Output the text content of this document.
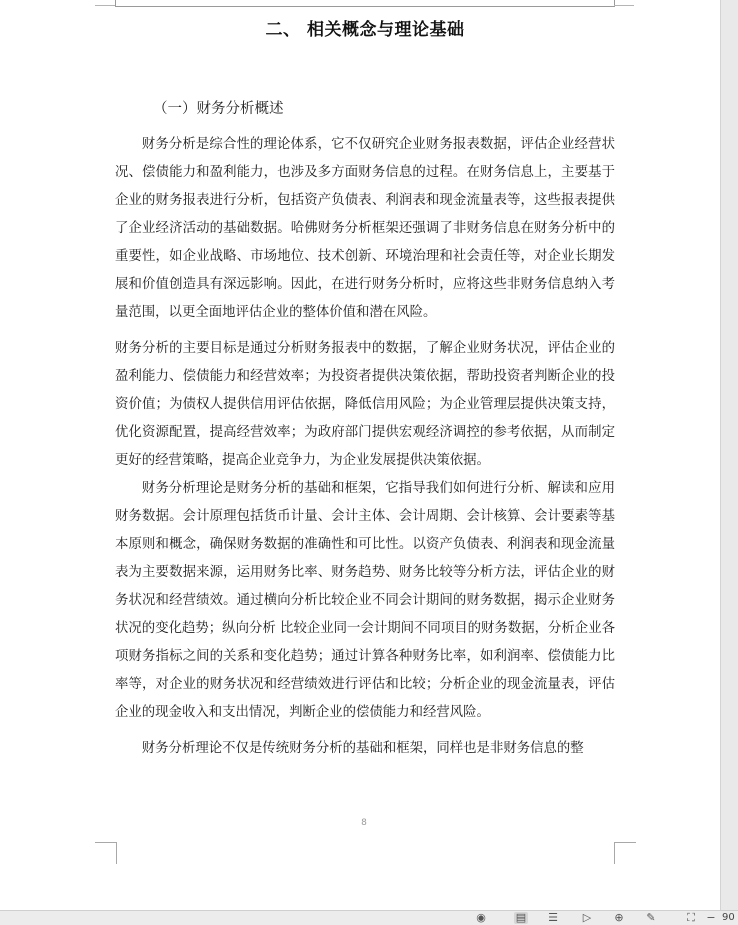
二、 相关概念与理论基础
（一）财务分析概述

财务分析是综合性的理论体系，它不仅研究企业财务报表数据，评估企业经营状况、偿债能力和盈利能力，也涉及多方面财务信息的过程。在财务信息上，主要基于企业的财务报表进行分析，包括资产负债表、利润表和现金流量表等，这些报表提供了企业经济活动的基础数据。哈佛财务分析框架还强调了非财务信息在财务分析中的重要性，如企业战略、市场地位、技术创新、环境治理和社会责任等，对企业长期发展和价值创造具有深远影响。因此，在进行财务分析时，应将这些非财务信息纳入考量范围，以更全面地评估企业的整体价值和潜在风险。

财务分析的主要目标是通过分析财务报表中的数据，了解企业财务状况，评估企业的盈利能力、偿债能力和经营效率；为投资者提供决策依据，帮助投资者判断企业的投资价值；为债权人提供信用评估依据，降低信用风险；为企业管理层提供决策支持，优化资源配置，提高经营效率；为政府部门提供宏观经济调控的参考依据，从而制定更好的经营策略，提高企业竞争力，为企业发展提供决策依据。

财务分析理论是财务分析的基础和框架，它指导我们如何进行分析、解读和应用财务数据。会计原理包括货币计量、会计主体、会计周期、会计核算、会计要素等基本原则和概念，确保财务数据的准确性和可比性。以资产负债表、利润表和现金流量表为主要数据来源，运用财务比率、财务趋势、财务比较等分析方法，评估企业的财务状况和经营绩效。通过横向分析比较企业不同会计期间的财务数据，揭示企业财务状况的变化趋势；纵向分析 比较企业同一会计期间不同项目的财务数据，分析企业各项财务指标之间的关系和变化趋势；通过计算各种财务比率，如利润率、偿债能力比率等，对企业的财务状况和经营绩效进行评估和比较；分析企业的现金流量表，评估企业的现金收入和支出情况，判断企业的偿债能力和经营风险。

财务分析理论不仅是传统财务分析的基础和框架，同样也是非财务信息的整

8
◉	▤ ☰ ▷ ⊕ ✎	⛶ − 90
